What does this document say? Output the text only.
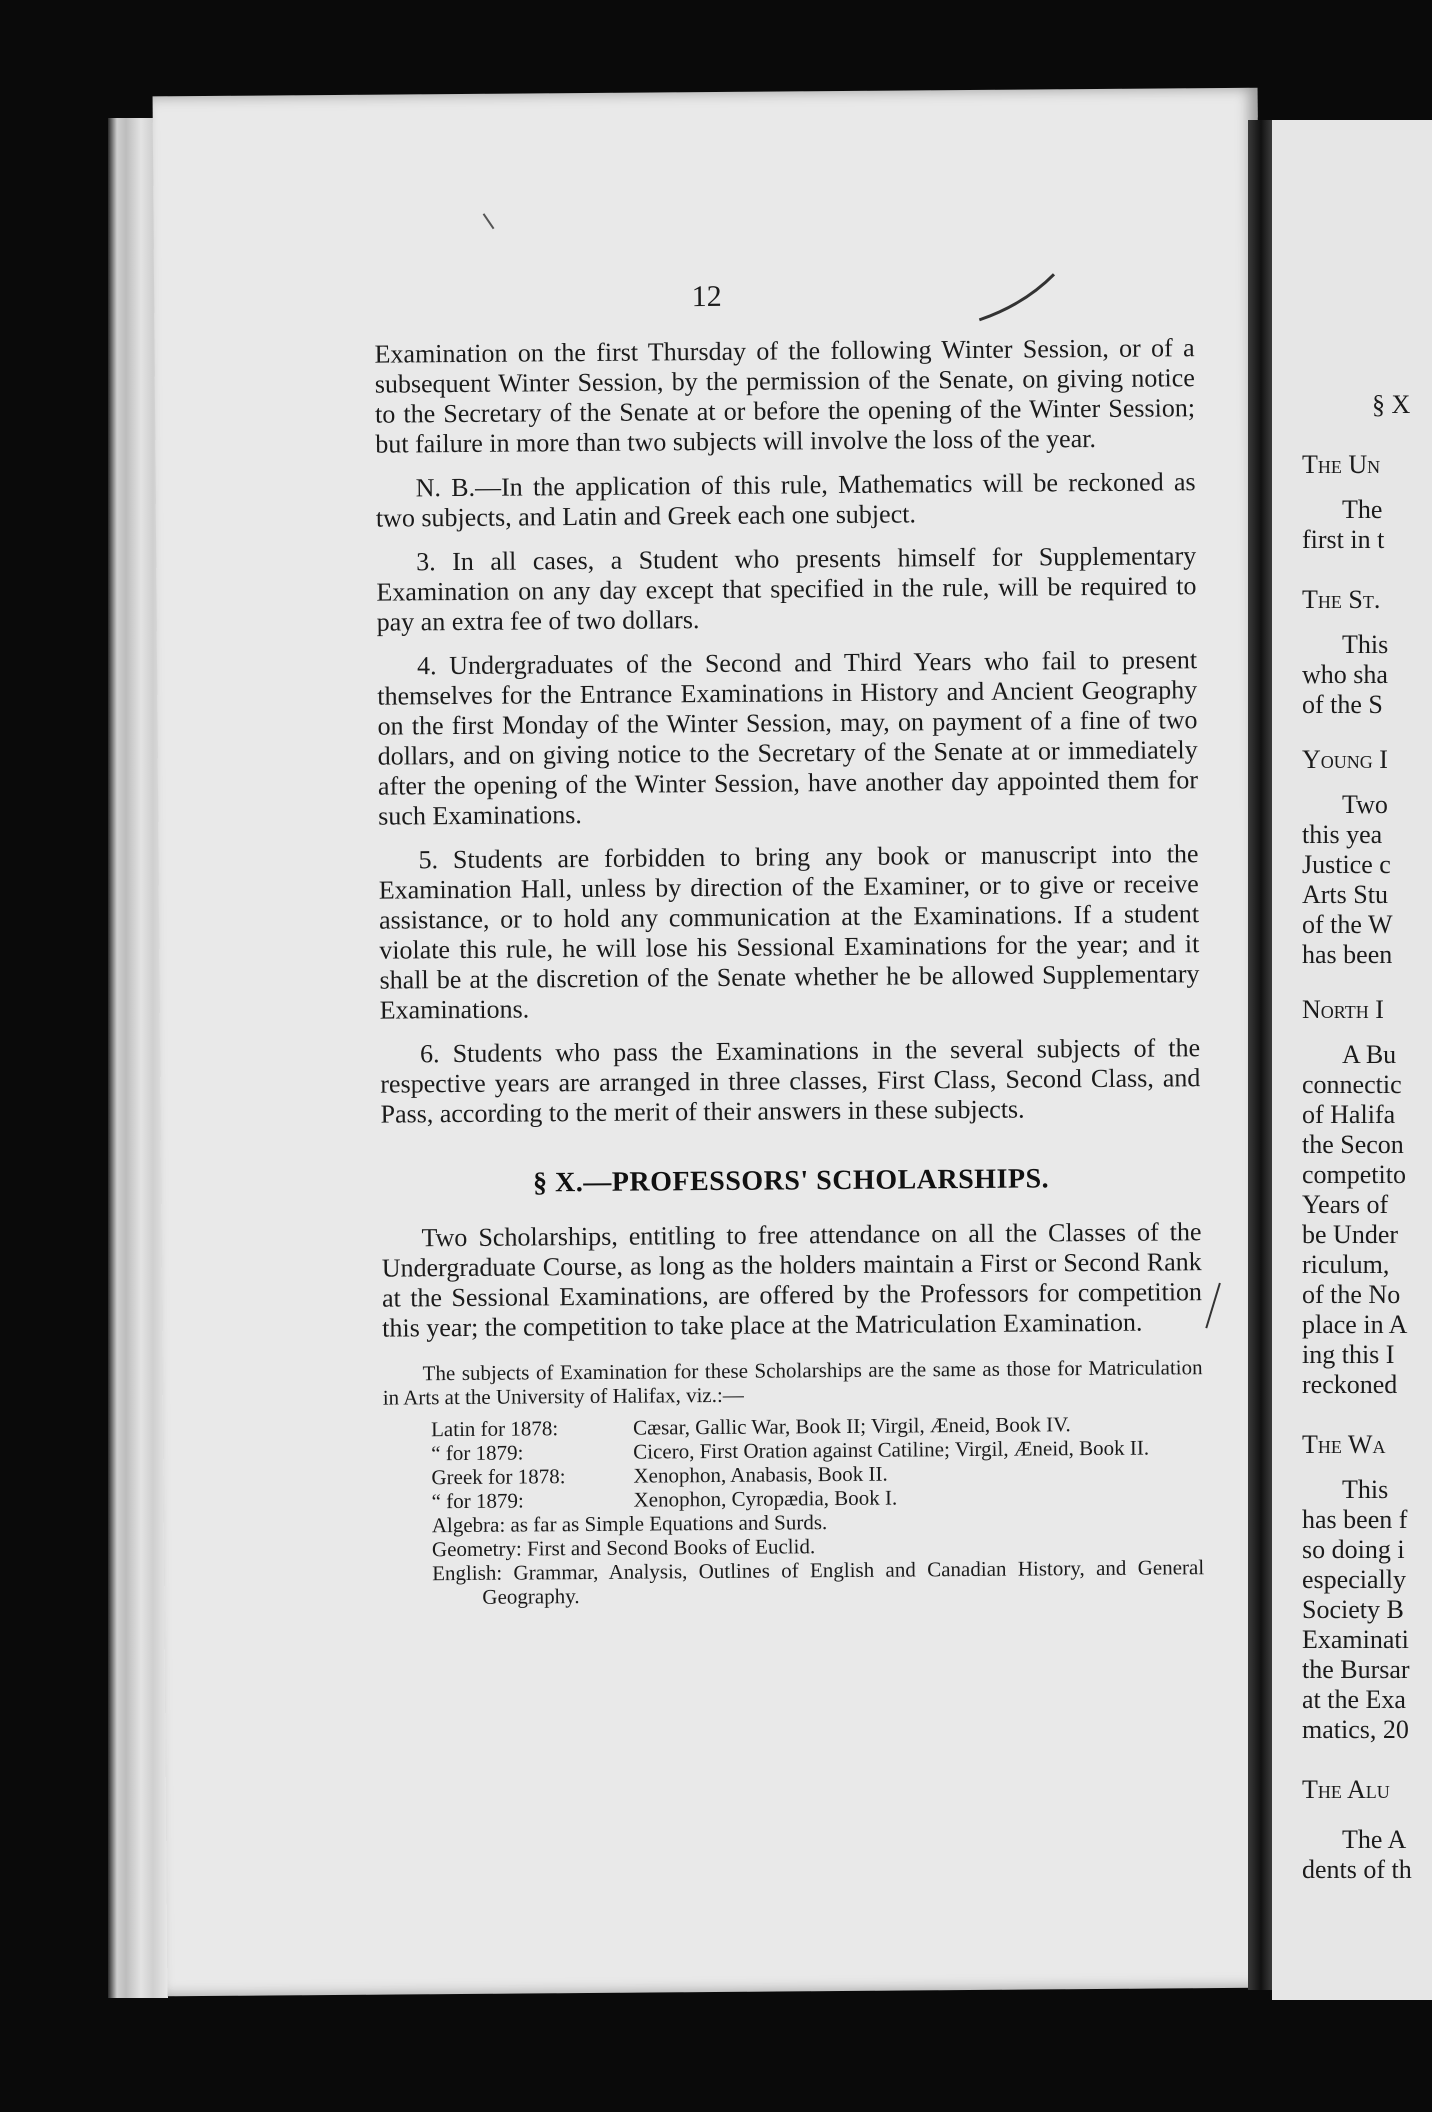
12

Examination on the first Thursday of the following Winter Session, or of a subsequent Winter Session, by the permission of the Senate, on giving notice to the Secretary of the Senate at or before the opening of the Winter Session; but failure in more than two subjects will involve the loss of the year.

N. B.—In the application of this rule, Mathematics will be reckoned as two subjects, and Latin and Greek each one subject.

3. In all cases, a Student who presents himself for Supplementary Examination on any day except that specified in the rule, will be required to pay an extra fee of two dollars.

4. Undergraduates of the Second and Third Years who fail to present themselves for the Entrance Examinations in History and Ancient Geography on the first Monday of the Winter Session, may, on payment of a fine of two dollars, and on giving notice to the Secretary of the Senate at or immediately after the opening of the Winter Session, have another day appointed them for such Examinations.

5. Students are forbidden to bring any book or manuscript into the Examination Hall, unless by direction of the Examiner, or to give or receive assistance, or to hold any communication at the Examinations. If a student violate this rule, he will lose his Sessional Examinations for the year; and it shall be at the discretion of the Senate whether he be allowed Supplementary Examinations.

6. Students who pass the Examinations in the several subjects of the respective years are arranged in three classes, First Class, Second Class, and Pass, according to the merit of their answers in these subjects.

§ X.—PROFESSORS' SCHOLARSHIPS.

Two Scholarships, entitling to free attendance on all the Classes of the Undergraduate Course, as long as the holders maintain a First or Second Rank at the Sessional Examinations, are offered by the Professors for competition this year; the competition to take place at the Matriculation Examination.

The subjects of Examination for these Scholarships are the same as those for Matriculation in Arts at the University of Halifax, viz.:—
Latin for 1878:	Cæsar, Gallic War, Book II; Virgil, Æneid, Book IV.
“ for 1879:	Cicero, First Oration against Catiline; Virgil, Æneid, Book II.
Greek for 1878:	Xenophon, Anabasis, Book II.
“ for 1879:	Xenophon, Cyropædia, Book I.
Algebra: as far as Simple Equations and Surds.
Geometry: First and Second Books of Euclid.
English: Grammar, Analysis, Outlines of English and Canadian History, and General Geography.
§ X
The Un
The
first in t
The St.
This
who sha
of the S
Young I
Two
this yea
Justice c
Arts Stu
of the W
has been
North I
A Bu
connectic
of Halifa
the Secon
competito
Years of
be Under
riculum,
of the No
place in A
ing this I
reckoned
The Wa
This
has been f
so doing i
especially
Society B
Examinati
the Bursar
at the Exa
matics, 20
The Alu
The A
dents of th
